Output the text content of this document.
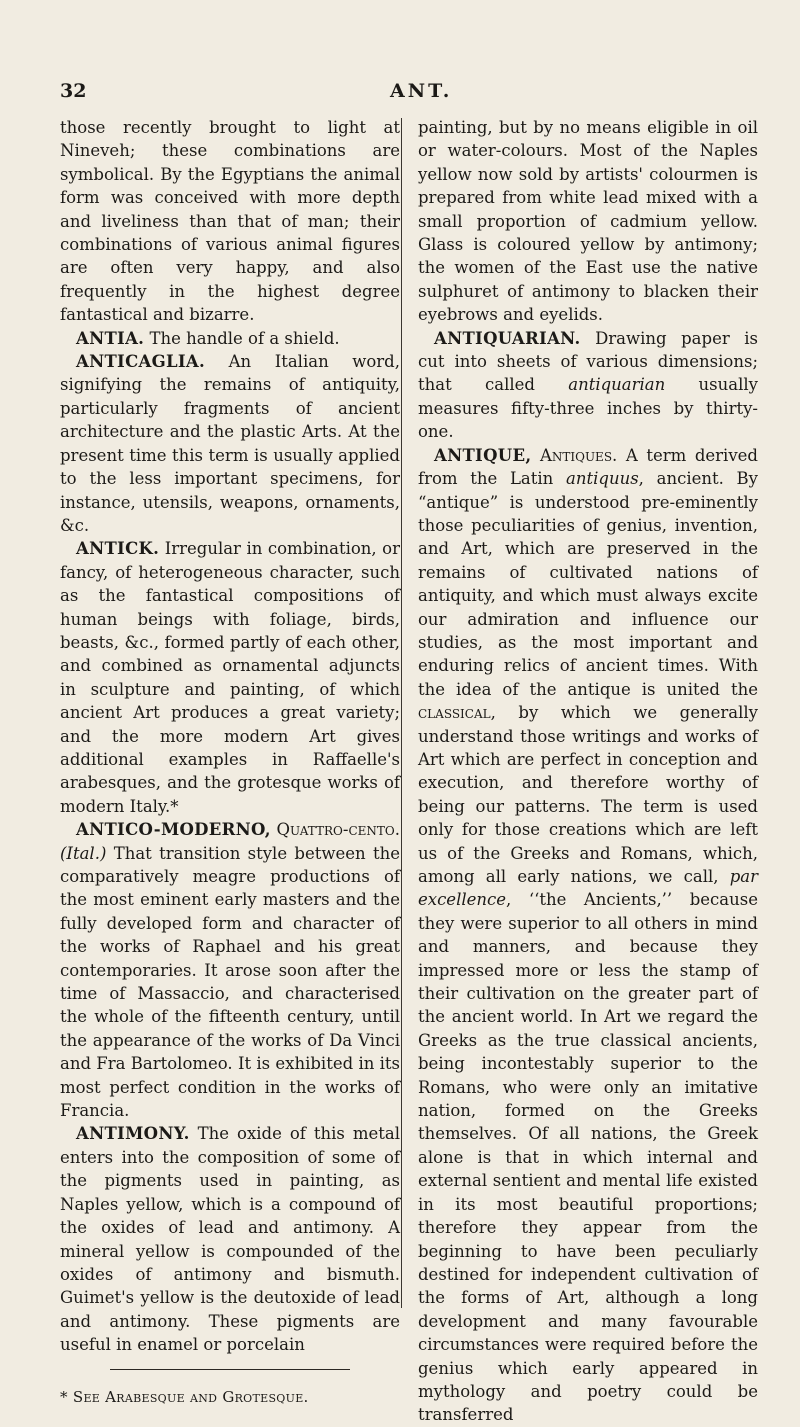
32	ANT.

those recently brought to light at Nineveh; these combinations are symbolical. By the Egyptians the animal form was conceived with more depth and liveliness than that of man; their combinations of various animal figures are often very happy, and also frequently in the highest degree fantastical and bizarre.

ANTIA. The handle of a shield.

ANTICAGLIA. An Italian word, signifying the remains of antiquity, particularly fragments of ancient architecture and the plastic Arts. At the present time this term is usually applied to the less important specimens, for instance, utensils, weapons, ornaments, &c.

ANTICK. Irregular in combination, or fancy, of heterogeneous character, such as the fantastical compositions of human beings with foliage, birds, beasts, &c., formed partly of each other, and combined as ornamental adjuncts in sculpture and painting, of which ancient Art produces a great variety; and the more modern Art gives additional examples in Raffaelle's arabesques, and the grotesque works of modern Italy.*

ANTICO-MODERNO, Quattro-cento. (Ital.) That transition style between the comparatively meagre productions of the most eminent early masters and the fully developed form and character of the works of Raphael and his great contemporaries. It arose soon after the time of Massaccio, and characterised the whole of the fifteenth century, until the appearance of the works of Da Vinci and Fra Bartolomeo. It is exhibited in its most perfect condition in the works of Francia.

ANTIMONY. The oxide of this metal enters into the composition of some of the pigments used in painting, as Naples yellow, which is a compound of the oxides of lead and antimony. A mineral yellow is compounded of the oxides of antimony and bismuth. Guimet's yellow is the deutoxide of lead and antimony. These pigments are useful in enamel or porcelain

* See Arabesque and Grotesque.

painting, but by no means eligible in oil or water-colours. Most of the Naples yellow now sold by artists' colourmen is prepared from white lead mixed with a small proportion of cadmium yellow. Glass is coloured yellow by antimony; the women of the East use the native sulphuret of antimony to blacken their eyebrows and eyelids.

ANTIQUARIAN. Drawing paper is cut into sheets of various dimensions; that called antiquarian usually measures fifty-three inches by thirty-one.

ANTIQUE, Antiques. A term derived from the Latin antiquus, ancient. By “antique” is understood pre-eminently those peculiarities of genius, invention, and Art, which are preserved in the remains of cultivated nations of antiquity, and which must always excite our admiration and influence our studies, as the most important and enduring relics of ancient times. With the idea of the antique is united the classical, by which we generally understand those writings and works of Art which are perfect in conception and execution, and therefore worthy of being our patterns. The term is used only for those creations which are left us of the Greeks and Romans, which, among all early nations, we call, par excellence, ‘‘the Ancients,’’ because they were superior to all others in mind and manners, and because they impressed more or less the stamp of their cultivation on the greater part of the ancient world. In Art we regard the Greeks as the true classical ancients, being incontestably superior to the Romans, who were only an imitative nation, formed on the Greeks themselves. Of all nations, the Greek alone is that in which internal and external sentient and mental life existed in its most beautiful proportions; therefore they appear from the beginning to have been peculiarly destined for independent cultivation of the forms of Art, although a long development and many favourable circumstances were required before the genius which early appeared in mythology and poetry could be transferred
